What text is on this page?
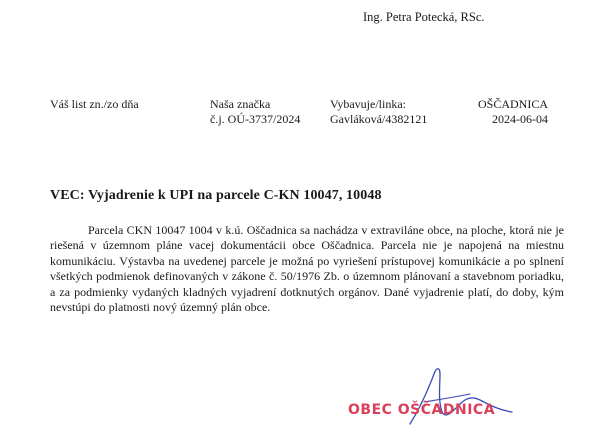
Ing. Petra Potecká, RSc.
Váš list zn./zo dňa	Naša značka
č.j. OÚ-3737/2024
Vybavuje/linka:
Gavláková/4382121
OŠČADNICA
2024-06-04
VEC: Vyjadrenie k UPI na parcele C-KN 10047, 10048
Parcela CKN 10047 1004 v k.ú. Oščadnica sa nachádza v extraviláne obce, na ploche, ktorá nie je riešená v územnom pláne vacej dokumentácii obce Oščadnica. Parcela nie je napojená na miestnu komunikáciu. Výstavba na uvedenej parcele je možná po vyriešení prístupovej komunikácie a po splnení všetkých podmienok definovaných v zákone č. 50/1976 Zb. o územnom plánovaní a stavebnom poriadku, a za podmienky vydaných kladných vyjadrení dotknutých orgánov. Dané vyjadrenie platí, do doby, kým nevstúpi do platnosti nový územný plán obce.
OBEC OŠČADNICA
